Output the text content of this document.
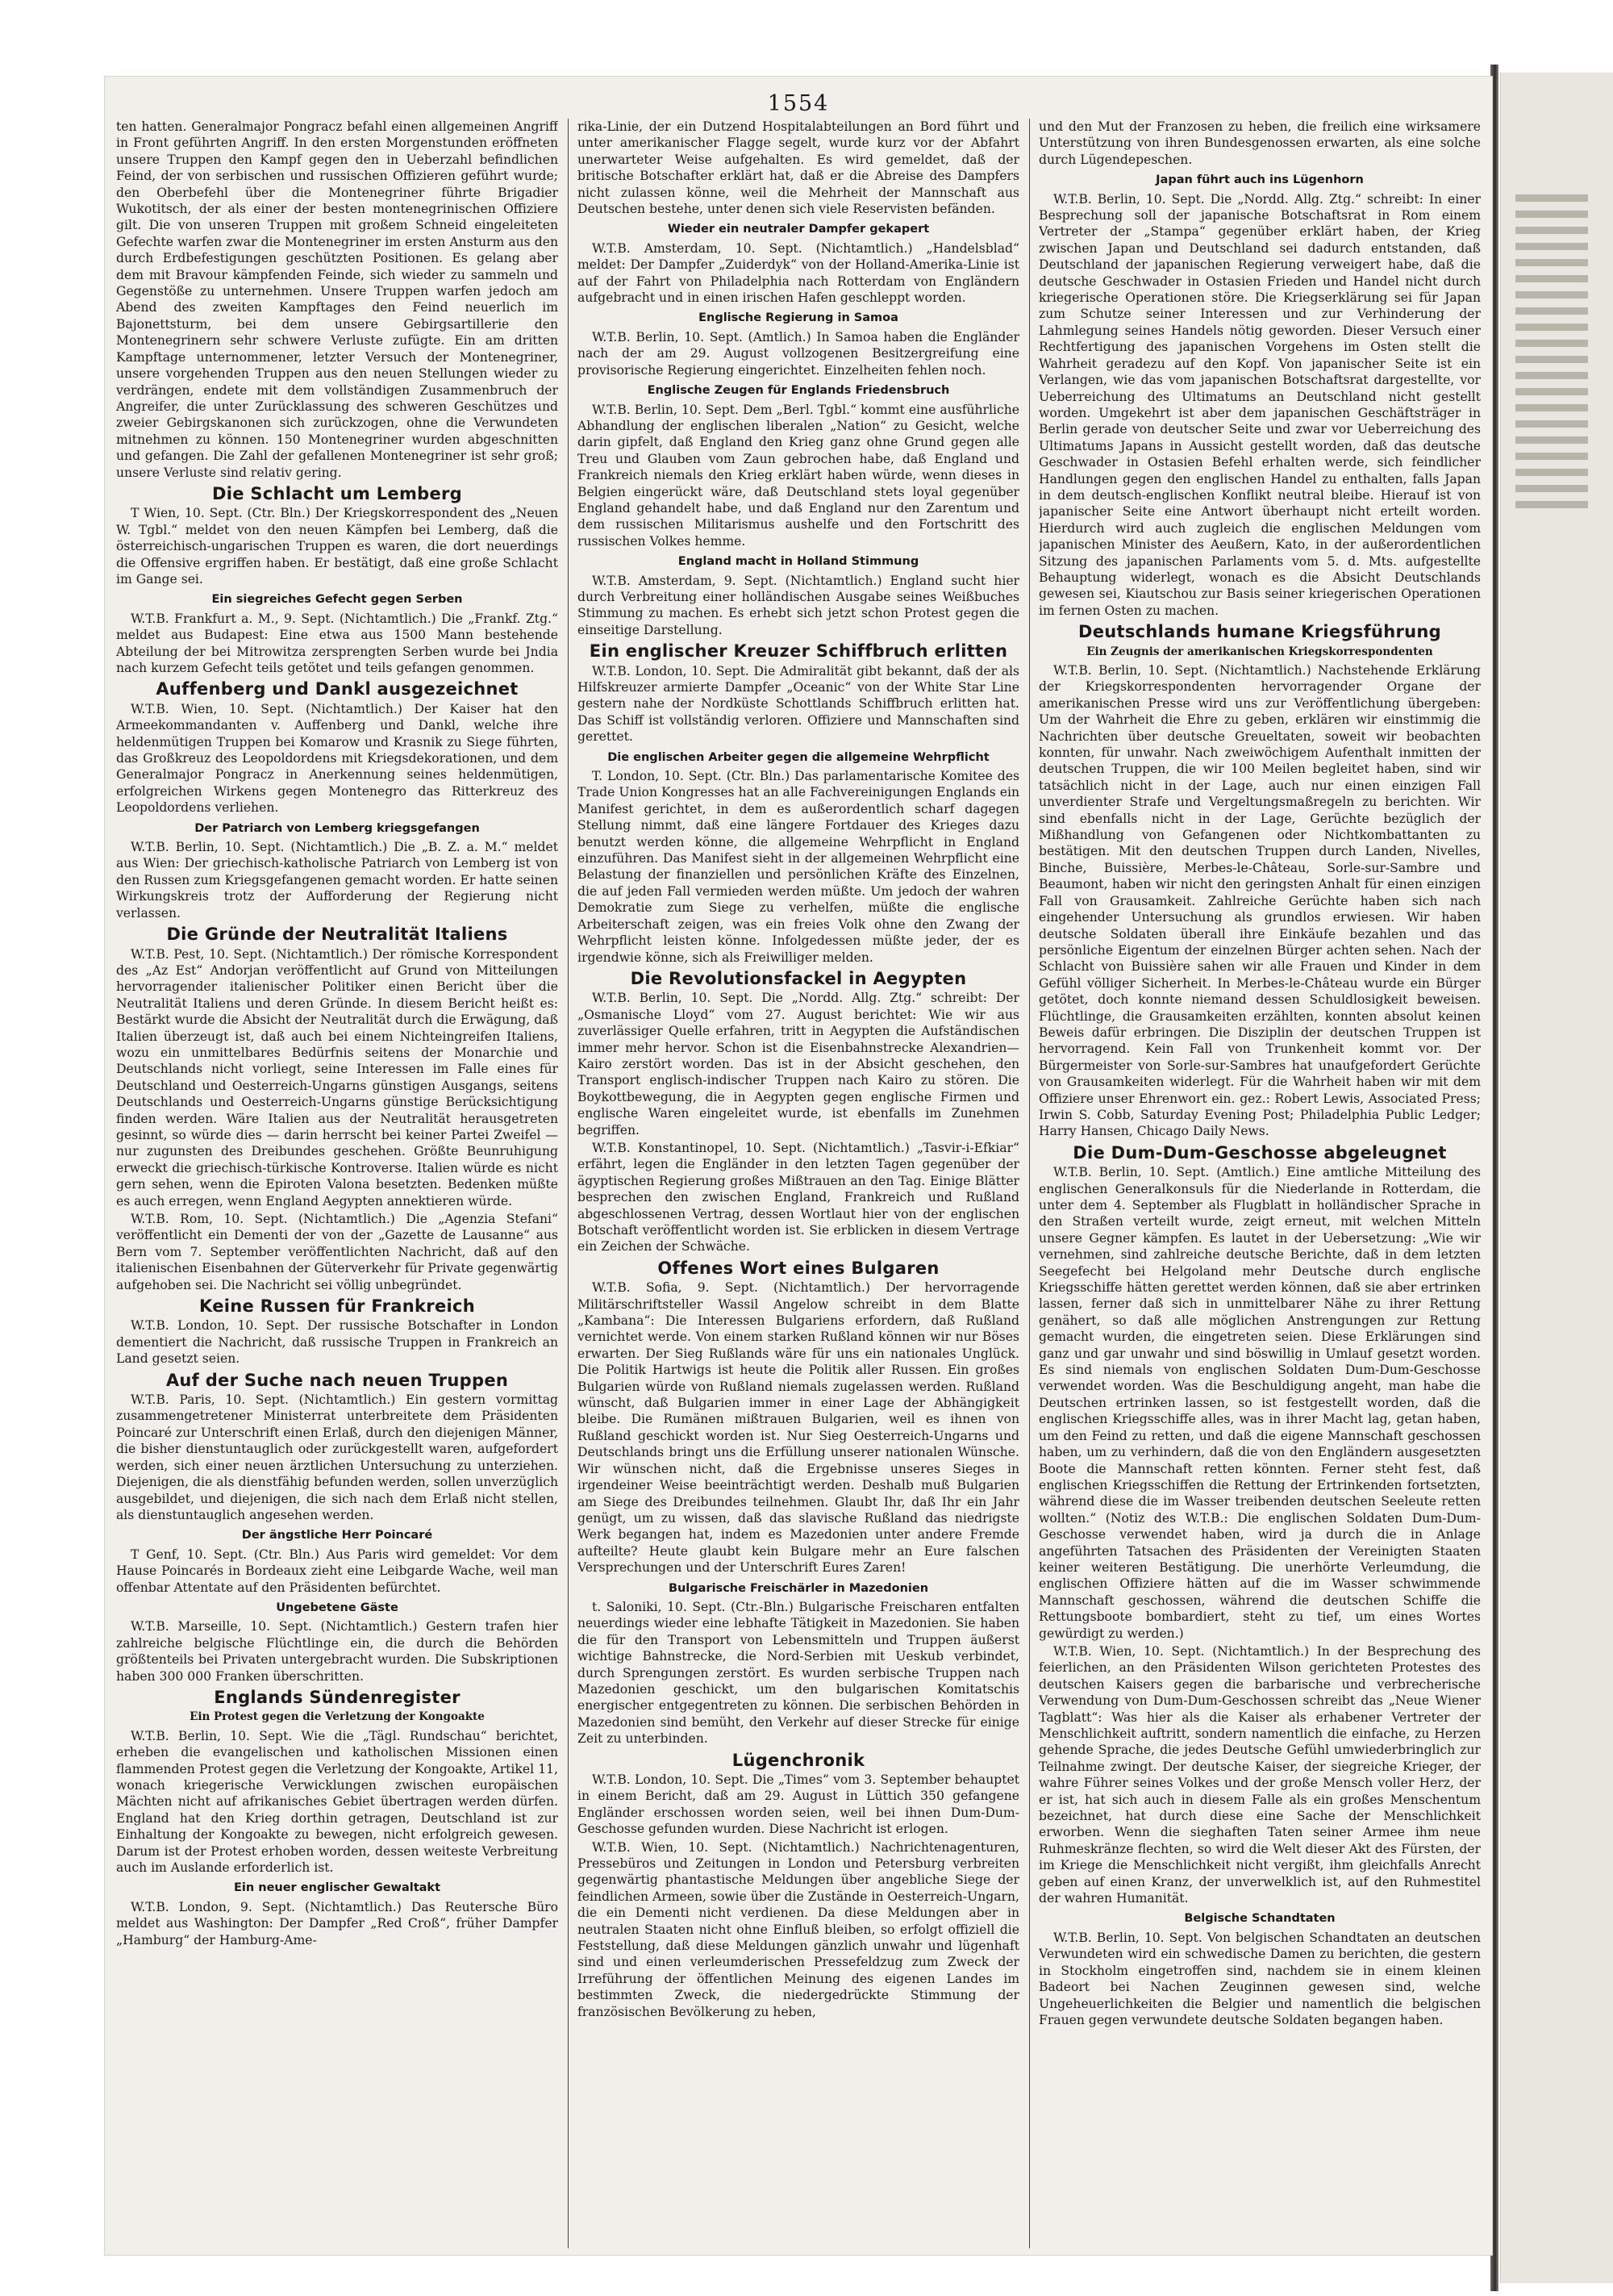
1554

ten hatten. Generalmajor Pongracz befahl einen allgemeinen Angriff in Front geführten Angriff. In den ersten Morgenstunden eröffneten unsere Truppen den Kampf gegen den in Ueberzahl befindlichen Feind, der von serbischen und russischen Offizieren geführt wurde; den Oberbefehl über die Montenegriner führte Brigadier Wukotitsch, der als einer der besten montenegrinischen Offiziere gilt. Die von unseren Truppen mit großem Schneid eingeleiteten Gefechte warfen zwar die Montenegriner im ersten Ansturm aus den durch Erdbefestigungen geschützten Positionen. Es gelang aber dem mit Bravour kämpfenden Feinde, sich wieder zu sammeln und Gegenstöße zu unternehmen. Unsere Truppen warfen jedoch am Abend des zweiten Kampftages den Feind neuerlich im Bajonettsturm, bei dem unsere Gebirgsartillerie den Montenegrinern sehr schwere Verluste zufügte. Ein am dritten Kampftage unternommener, letzter Versuch der Montenegriner, unsere vorgehenden Truppen aus den neuen Stellungen wieder zu verdrängen, endete mit dem vollständigen Zusammenbruch der Angreifer, die unter Zurücklassung des schweren Geschützes und zweier Gebirgskanonen sich zurückzogen, ohne die Verwundeten mitnehmen zu können. 150 Montenegriner wurden abgeschnitten und gefangen. Die Zahl der gefallenen Montenegriner ist sehr groß; unsere Verluste sind relativ gering.

Die Schlacht um Lemberg

T Wien, 10. Sept. (Ctr. Bln.) Der Kriegskorrespondent des „Neuen W. Tgbl.“ meldet von den neuen Kämpfen bei Lemberg, daß die österreichisch-ungarischen Truppen es waren, die dort neuerdings die Offensive ergriffen haben. Er bestätigt, daß eine große Schlacht im Gange sei.

Ein siegreiches Gefecht gegen Serben

W.T.B. Frankfurt a. M., 9. Sept. (Nichtamtlich.) Die „Frankf. Ztg.“ meldet aus Budapest: Eine etwa aus 1500 Mann bestehende Abteilung der bei Mitrowitza zersprengten Serben wurde bei Jndia nach kurzem Gefecht teils getötet und teils gefangen genommen.

Auffenberg und Dankl ausgezeichnet

W.T.B. Wien, 10. Sept. (Nichtamtlich.) Der Kaiser hat den Armeekommandanten v. Auffenberg und Dankl, welche ihre heldenmütigen Truppen bei Komarow und Krasnik zu Siege führten, das Großkreuz des Leopoldordens mit Kriegsdekorationen, und dem Generalmajor Pongracz in Anerkennung seines heldenmütigen, erfolgreichen Wirkens gegen Montenegro das Ritterkreuz des Leopoldordens verliehen.

Der Patriarch von Lemberg kriegsgefangen

W.T.B. Berlin, 10. Sept. (Nichtamtlich.) Die „B. Z. a. M.“ meldet aus Wien: Der griechisch-katholische Patriarch von Lemberg ist von den Russen zum Kriegsgefangenen gemacht worden. Er hatte seinen Wirkungskreis trotz der Aufforderung der Regierung nicht verlassen.

Die Gründe der Neutralität Italiens

W.T.B. Pest, 10. Sept. (Nichtamtlich.) Der römische Korrespondent des „Az Est“ Andorjan veröffentlicht auf Grund von Mitteilungen hervorragender italienischer Politiker einen Bericht über die Neutralität Italiens und deren Gründe. In diesem Bericht heißt es: Bestärkt wurde die Absicht der Neutralität durch die Erwägung, daß Italien überzeugt ist, daß auch bei einem Nichteingreifen Italiens, wozu ein unmittelbares Bedürfnis seitens der Monarchie und Deutschlands nicht vorliegt, seine Interessen im Falle eines für Deutschland und Oesterreich-Ungarns günstigen Ausgangs, seitens Deutschlands und Oesterreich-Ungarns günstige Berücksichtigung finden werden. Wäre Italien aus der Neutralität herausgetreten gesinnt, so würde dies — darin herrscht bei keiner Partei Zweifel — nur zugunsten des Dreibundes geschehen. Größte Beunruhigung erweckt die griechisch-türkische Kontroverse. Italien würde es nicht gern sehen, wenn die Epiroten Valona besetzten. Bedenken müßte es auch erregen, wenn England Aegypten annektieren würde.

W.T.B. Rom, 10. Sept. (Nichtamtlich.) Die „Agenzia Stefani“ veröffentlicht ein Dementi der von der „Gazette de Lausanne“ aus Bern vom 7. September veröffentlichten Nachricht, daß auf den italienischen Eisenbahnen der Güterverkehr für Private gegenwärtig aufgehoben sei. Die Nachricht sei völlig unbegründet.

Keine Russen für Frankreich

W.T.B. London, 10. Sept. Der russische Botschafter in London dementiert die Nachricht, daß russische Truppen in Frankreich an Land gesetzt seien.

Auf der Suche nach neuen Truppen

W.T.B. Paris, 10. Sept. (Nichtamtlich.) Ein gestern vormittag zusammengetretener Ministerrat unterbreitete dem Präsidenten Poincaré zur Unterschrift einen Erlaß, durch den diejenigen Männer, die bisher dienstuntauglich oder zurückgestellt waren, aufgefordert werden, sich einer neuen ärztlichen Untersuchung zu unterziehen. Diejenigen, die als dienstfähig befunden werden, sollen unverzüglich ausgebildet, und diejenigen, die sich nach dem Erlaß nicht stellen, als dienstuntauglich angesehen werden.

Der ängstliche Herr Poincaré

T Genf, 10. Sept. (Ctr. Bln.) Aus Paris wird gemeldet: Vor dem Hause Poincarés in Bordeaux zieht eine Leibgarde Wache, weil man offenbar Attentate auf den Präsidenten befürchtet.

Ungebetene Gäste

W.T.B. Marseille, 10. Sept. (Nichtamtlich.) Gestern trafen hier zahlreiche belgische Flüchtlinge ein, die durch die Behörden größtenteils bei Privaten untergebracht wurden. Die Subskriptionen haben 300 000 Franken überschritten.

Englands Sündenregister
Ein Protest gegen die Verletzung der Kongoakte

W.T.B. Berlin, 10. Sept. Wie die „Tägl. Rundschau“ berichtet, erheben die evangelischen und katholischen Missionen einen flammenden Protest gegen die Verletzung der Kongoakte, Artikel 11, wonach kriegerische Verwicklungen zwischen europäischen Mächten nicht auf afrikanisches Gebiet übertragen werden dürfen. England hat den Krieg dorthin getragen, Deutschland ist zur Einhaltung der Kongoakte zu bewegen, nicht erfolgreich gewesen. Darum ist der Protest erhoben worden, dessen weiteste Verbreitung auch im Auslande erforderlich ist.

Ein neuer englischer Gewaltakt

W.T.B. London, 9. Sept. (Nichtamtlich.) Das Reutersche Büro meldet aus Washington: Der Dampfer „Red Croß“, früher Dampfer „Hamburg“ der Hamburg-Ame-

rika-Linie, der ein Dutzend Hospitalabteilungen an Bord führt und unter amerikanischer Flagge segelt, wurde kurz vor der Abfahrt unerwarteter Weise aufgehalten. Es wird gemeldet, daß der britische Botschafter erklärt hat, daß er die Abreise des Dampfers nicht zulassen könne, weil die Mehrheit der Mannschaft aus Deutschen bestehe, unter denen sich viele Reservisten befänden.

Wieder ein neutraler Dampfer gekapert

W.T.B. Amsterdam, 10. Sept. (Nichtamtlich.) „Handelsblad“ meldet: Der Dampfer „Zuiderdyk“ von der Holland-Amerika-Linie ist auf der Fahrt von Philadelphia nach Rotterdam von Engländern aufgebracht und in einen irischen Hafen geschleppt worden.

Englische Regierung in Samoa

W.T.B. Berlin, 10. Sept. (Amtlich.) In Samoa haben die Engländer nach der am 29. August vollzogenen Besitzergreifung eine provisorische Regierung eingerichtet. Einzelheiten fehlen noch.

Englische Zeugen für Englands Friedensbruch

W.T.B. Berlin, 10. Sept. Dem „Berl. Tgbl.“ kommt eine ausführliche Abhandlung der englischen liberalen „Nation“ zu Gesicht, welche darin gipfelt, daß England den Krieg ganz ohne Grund gegen alle Treu und Glauben vom Zaun gebrochen habe, daß England und Frankreich niemals den Krieg erklärt haben würde, wenn dieses in Belgien eingerückt wäre, daß Deutschland stets loyal gegenüber England gehandelt habe, und daß England nur den Zarentum und dem russischen Militarismus aushelfe und den Fortschritt des russischen Volkes hemme.

England macht in Holland Stimmung

W.T.B. Amsterdam, 9. Sept. (Nichtamtlich.) England sucht hier durch Verbreitung einer holländischen Ausgabe seines Weißbuches Stimmung zu machen. Es erhebt sich jetzt schon Protest gegen die einseitige Darstellung.

Ein englischer Kreuzer Schiffbruch erlitten

W.T.B. London, 10. Sept. Die Admiralität gibt bekannt, daß der als Hilfskreuzer armierte Dampfer „Oceanic“ von der White Star Line gestern nahe der Nordküste Schottlands Schiffbruch erlitten hat. Das Schiff ist vollständig verloren. Offiziere und Mannschaften sind gerettet.

Die englischen Arbeiter gegen die allgemeine Wehrpflicht

T. London, 10. Sept. (Ctr. Bln.) Das parlamentarische Komitee des Trade Union Kongresses hat an alle Fachvereinigungen Englands ein Manifest gerichtet, in dem es außerordentlich scharf dagegen Stellung nimmt, daß eine längere Fortdauer des Krieges dazu benutzt werden könne, die allgemeine Wehrpflicht in England einzuführen. Das Manifest sieht in der allgemeinen Wehrpflicht eine Belastung der finanziellen und persönlichen Kräfte des Einzelnen, die auf jeden Fall vermieden werden müßte. Um jedoch der wahren Demokratie zum Siege zu verhelfen, müßte die englische Arbeiterschaft zeigen, was ein freies Volk ohne den Zwang der Wehrpflicht leisten könne. Infolgedessen müßte jeder, der es irgendwie könne, sich als Freiwilliger melden.

Die Revolutionsfackel in Aegypten

W.T.B. Berlin, 10. Sept. Die „Nordd. Allg. Ztg.“ schreibt: Der „Osmanische Lloyd“ vom 27. August berichtet: Wie wir aus zuverlässiger Quelle erfahren, tritt in Aegypten die Aufständischen immer mehr hervor. Schon ist die Eisenbahnstrecke Alexandrien—Kairo zerstört worden. Das ist in der Absicht geschehen, den Transport englisch-indischer Truppen nach Kairo zu stören. Die Boykottbewegung, die in Aegypten gegen englische Firmen und englische Waren eingeleitet wurde, ist ebenfalls im Zunehmen begriffen.

W.T.B. Konstantinopel, 10. Sept. (Nichtamtlich.) „Tasvir-i-Efkiar“ erfährt, legen die Engländer in den letzten Tagen gegenüber der ägyptischen Regierung großes Mißtrauen an den Tag. Einige Blätter besprechen den zwischen England, Frankreich und Rußland abgeschlossenen Vertrag, dessen Wortlaut hier von der englischen Botschaft veröffentlicht worden ist. Sie erblicken in diesem Vertrage ein Zeichen der Schwäche.

Offenes Wort eines Bulgaren

W.T.B. Sofia, 9. Sept. (Nichtamtlich.) Der hervorragende Militärschriftsteller Wassil Angelow schreibt in dem Blatte „Kambana“: Die Interessen Bulgariens erfordern, daß Rußland vernichtet werde. Von einem starken Rußland können wir nur Böses erwarten. Der Sieg Rußlands wäre für uns ein nationales Unglück. Die Politik Hartwigs ist heute die Politik aller Russen. Ein großes Bulgarien würde von Rußland niemals zugelassen werden. Rußland wünscht, daß Bulgarien immer in einer Lage der Abhängigkeit bleibe. Die Rumänen mißtrauen Bulgarien, weil es ihnen von Rußland geschickt worden ist. Nur Sieg Oesterreich-Ungarns und Deutschlands bringt uns die Erfüllung unserer nationalen Wünsche. Wir wünschen nicht, daß die Ergebnisse unseres Sieges in irgendeiner Weise beeinträchtigt werden. Deshalb muß Bulgarien am Siege des Dreibundes teilnehmen. Glaubt Ihr, daß Ihr ein Jahr genügt, um zu wissen, daß das slavische Rußland das niedrigste Werk begangen hat, indem es Mazedonien unter andere Fremde aufteilte? Heute glaubt kein Bulgare mehr an Eure falschen Versprechungen und der Unterschrift Eures Zaren!

Bulgarische Freischärler in Mazedonien

t. Saloniki, 10. Sept. (Ctr.-Bln.) Bulgarische Freischaren entfalten neuerdings wieder eine lebhafte Tätigkeit in Mazedonien. Sie haben die für den Transport von Lebensmitteln und Truppen äußerst wichtige Bahnstrecke, die Nord-Serbien mit Ueskub verbindet, durch Sprengungen zerstört. Es wurden serbische Truppen nach Mazedonien geschickt, um den bulgarischen Komitatschis energischer entgegentreten zu können. Die serbischen Behörden in Mazedonien sind bemüht, den Verkehr auf dieser Strecke für einige Zeit zu unterbinden.

Lügenchronik

W.T.B. London, 10. Sept. Die „Times“ vom 3. September behauptet in einem Bericht, daß am 29. August in Lüttich 350 gefangene Engländer erschossen worden seien, weil bei ihnen Dum-Dum-Geschosse gefunden wurden. Diese Nachricht ist erlogen.

W.T.B. Wien, 10. Sept. (Nichtamtlich.) Nachrichtenagenturen, Pressebüros und Zeitungen in London und Petersburg verbreiten gegenwärtig phantastische Meldungen über angebliche Siege der feindlichen Armeen, sowie über die Zustände in Oesterreich-Ungarn, die ein Dementi nicht verdienen. Da diese Meldungen aber in neutralen Staaten nicht ohne Einfluß bleiben, so erfolgt offiziell die Feststellung, daß diese Meldungen gänzlich unwahr und lügenhaft sind und einen verleumderischen Pressefeldzug zum Zweck der Irreführung der öffentlichen Meinung des eigenen Landes im bestimmten Zweck, die niedergedrückte Stimmung der französischen Bevölkerung zu heben,

und den Mut der Franzosen zu heben, die freilich eine wirksamere Unterstützung von ihren Bundesgenossen erwarten, als eine solche durch Lügendepeschen.

Japan führt auch ins Lügenhorn

W.T.B. Berlin, 10. Sept. Die „Nordd. Allg. Ztg.“ schreibt: In einer Besprechung soll der japanische Botschaftsrat in Rom einem Vertreter der „Stampa“ gegenüber erklärt haben, der Krieg zwischen Japan und Deutschland sei dadurch entstanden, daß Deutschland der japanischen Regierung verweigert habe, daß die deutsche Geschwader in Ostasien Frieden und Handel nicht durch kriegerische Operationen störe. Die Kriegserklärung sei für Japan zum Schutze seiner Interessen und zur Verhinderung der Lahmlegung seines Handels nötig geworden. Dieser Versuch einer Rechtfertigung des japanischen Vorgehens im Osten stellt die Wahrheit geradezu auf den Kopf. Von japanischer Seite ist ein Verlangen, wie das vom japanischen Botschaftsrat dargestellte, vor Ueberreichung des Ultimatums an Deutschland nicht gestellt worden. Umgekehrt ist aber dem japanischen Geschäftsträger in Berlin gerade von deutscher Seite und zwar vor Ueberreichung des Ultimatums Japans in Aussicht gestellt worden, daß das deutsche Geschwader in Ostasien Befehl erhalten werde, sich feindlicher Handlungen gegen den englischen Handel zu enthalten, falls Japan in dem deutsch-englischen Konflikt neutral bleibe. Hierauf ist von japanischer Seite eine Antwort überhaupt nicht erteilt worden. Hierdurch wird auch zugleich die englischen Meldungen vom japanischen Minister des Aeußern, Kato, in der außerordentlichen Sitzung des japanischen Parlaments vom 5. d. Mts. aufgestellte Behauptung widerlegt, wonach es die Absicht Deutschlands gewesen sei, Kiautschou zur Basis seiner kriegerischen Operationen im fernen Osten zu machen.

Deutschlands humane Kriegsführung
Ein Zeugnis der amerikanischen Kriegskorrespondenten

W.T.B. Berlin, 10. Sept. (Nichtamtlich.) Nachstehende Erklärung der Kriegskorrespondenten hervorragender Organe der amerikanischen Presse wird uns zur Veröffentlichung übergeben: Um der Wahrheit die Ehre zu geben, erklären wir einstimmig die Nachrichten über deutsche Greueltaten, soweit wir beobachten konnten, für unwahr. Nach zweiwöchigem Aufenthalt inmitten der deutschen Truppen, die wir 100 Meilen begleitet haben, sind wir tatsächlich nicht in der Lage, auch nur einen einzigen Fall unverdienter Strafe und Vergeltungsmaßregeln zu berichten. Wir sind ebenfalls nicht in der Lage, Gerüchte bezüglich der Mißhandlung von Gefangenen oder Nichtkombattanten zu bestätigen. Mit den deutschen Truppen durch Landen, Nivelles, Binche, Buissière, Merbes-le-Château, Sorle-sur-Sambre und Beaumont, haben wir nicht den geringsten Anhalt für einen einzigen Fall von Grausamkeit. Zahlreiche Gerüchte haben sich nach eingehender Untersuchung als grundlos erwiesen. Wir haben deutsche Soldaten überall ihre Einkäufe bezahlen und das persönliche Eigentum der einzelnen Bürger achten sehen. Nach der Schlacht von Buissière sahen wir alle Frauen und Kinder in dem Gefühl völliger Sicherheit. In Merbes-le-Château wurde ein Bürger getötet, doch konnte niemand dessen Schuldlosigkeit beweisen. Flüchtlinge, die Grausamkeiten erzählten, konnten absolut keinen Beweis dafür erbringen. Die Disziplin der deutschen Truppen ist hervorragend. Kein Fall von Trunkenheit kommt vor. Der Bürgermeister von Sorle-sur-Sambres hat unaufgefordert Gerüchte von Grausamkeiten widerlegt. Für die Wahrheit haben wir mit dem Offiziere unser Ehrenwort ein. gez.: Robert Lewis, Associated Press; Irwin S. Cobb, Saturday Evening Post; Philadelphia Public Ledger; Harry Hansen, Chicago Daily News.

Die Dum-Dum-Geschosse abgeleugnet

W.T.B. Berlin, 10. Sept. (Amtlich.) Eine amtliche Mitteilung des englischen Generalkonsuls für die Niederlande in Rotterdam, die unter dem 4. September als Flugblatt in holländischer Sprache in den Straßen verteilt wurde, zeigt erneut, mit welchen Mitteln unsere Gegner kämpfen. Es lautet in der Uebersetzung: „Wie wir vernehmen, sind zahlreiche deutsche Berichte, daß in dem letzten Seegefecht bei Helgoland mehr Deutsche durch englische Kriegsschiffe hätten gerettet werden können, daß sie aber ertrinken lassen, ferner daß sich in unmittelbarer Nähe zu ihrer Rettung genähert, so daß alle möglichen Anstrengungen zur Rettung gemacht wurden, die eingetreten seien. Diese Erklärungen sind ganz und gar unwahr und sind böswillig in Umlauf gesetzt worden. Es sind niemals von englischen Soldaten Dum-Dum-Geschosse verwendet worden. Was die Beschuldigung angeht, man habe die Deutschen ertrinken lassen, so ist festgestellt worden, daß die englischen Kriegsschiffe alles, was in ihrer Macht lag, getan haben, um den Feind zu retten, und daß die eigene Mannschaft geschossen haben, um zu verhindern, daß die von den Engländern ausgesetzten Boote die Mannschaft retten könnten. Ferner steht fest, daß englischen Kriegsschiffen die Rettung der Ertrinkenden fortsetzten, während diese die im Wasser treibenden deutschen Seeleute retten wollten.“ (Notiz des W.T.B.: Die englischen Soldaten Dum-Dum-Geschosse verwendet haben, wird ja durch die in Anlage angeführten Tatsachen des Präsidenten der Vereinigten Staaten keiner weiteren Bestätigung. Die unerhörte Verleumdung, die englischen Offiziere hätten auf die im Wasser schwimmende Mannschaft geschossen, während die deutschen Schiffe die Rettungsboote bombardiert, steht zu tief, um eines Wortes gewürdigt zu werden.)

W.T.B. Wien, 10. Sept. (Nichtamtlich.) In der Besprechung des feierlichen, an den Präsidenten Wilson gerichteten Protestes des deutschen Kaisers gegen die barbarische und verbrecherische Verwendung von Dum-Dum-Geschossen schreibt das „Neue Wiener Tagblatt“: Was hier als die Kaiser als erhabener Vertreter der Menschlichkeit auftritt, sondern namentlich die einfache, zu Herzen gehende Sprache, die jedes Deutsche Gefühl umwiederbringlich zur Teilnahme zwingt. Der deutsche Kaiser, der siegreiche Krieger, der wahre Führer seines Volkes und der große Mensch voller Herz, der er ist, hat sich auch in diesem Falle als ein großes Menschentum bezeichnet, hat durch diese eine Sache der Menschlichkeit erworben. Wenn die sieghaften Taten seiner Armee ihm neue Ruhmeskränze flechten, so wird die Welt dieser Akt des Fürsten, der im Kriege die Menschlichkeit nicht vergißt, ihm gleichfalls Anrecht geben auf einen Kranz, der unverwelklich ist, auf den Ruhmestitel der wahren Humanität.

Belgische Schandtaten

W.T.B. Berlin, 10. Sept. Von belgischen Schandtaten an deutschen Verwundeten wird ein schwedische Damen zu berichten, die gestern in Stockholm eingetroffen sind, nachdem sie in einem kleinen Badeort bei Nachen Zeuginnen gewesen sind, welche Ungeheuerlichkeiten die Belgier und namentlich die belgischen Frauen gegen verwundete deutsche Soldaten begangen haben.
